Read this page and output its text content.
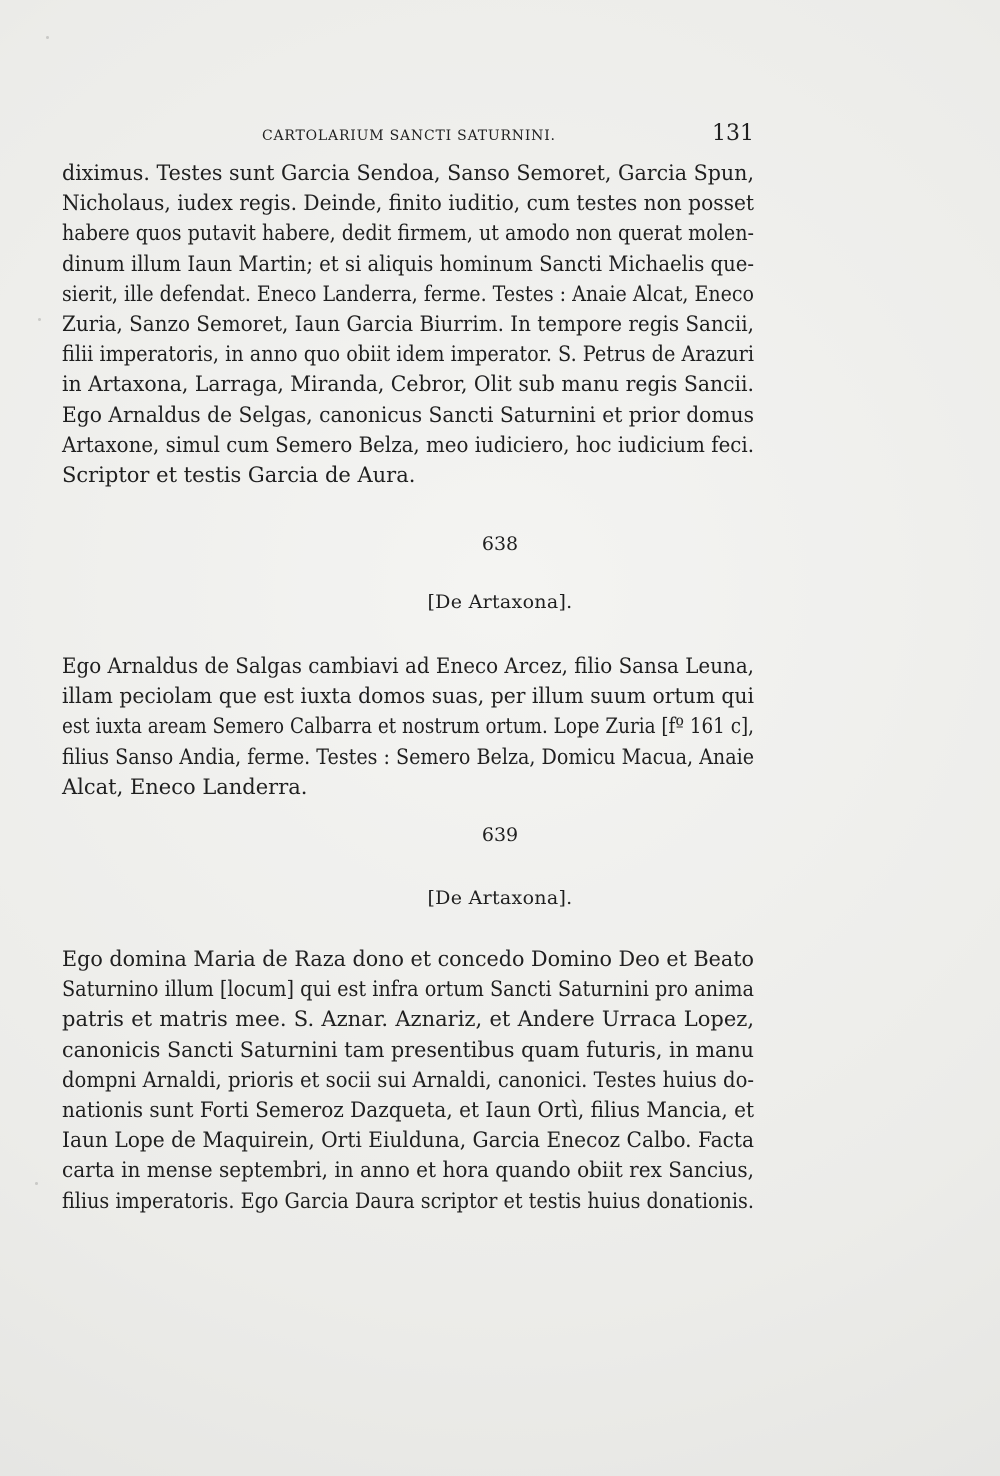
CARTOLARIUM SANCTI SATURNINI.	131
diximus. Testes sunt Garcia Sendoa, Sanso Semoret, Garcia Spun,
Nicholaus, iudex regis. Deinde, finito iuditio, cum testes non posset
habere quos putavit habere, dedit firmem, ut amodo non querat molen-
dinum illum Iaun Martin; et si aliquis hominum Sancti Michaelis que-
sierit, ille defendat. Eneco Landerra, ferme. Testes : Anaie Alcat, Eneco
Zuria, Sanzo Semoret, Iaun Garcia Biurrim. In tempore regis Sancii,
filii imperatoris, in anno quo obiit idem imperator. S. Petrus de Arazuri
in Artaxona, Larraga, Miranda, Cebror, Olit sub manu regis Sancii.
Ego Arnaldus de Selgas, canonicus Sancti Saturnini et prior domus
Artaxone, simul cum Semero Belza, meo iudiciero, hoc iudicium feci.
Scriptor et testis Garcia de Aura.
638
[De Artaxona].
Ego Arnaldus de Salgas cambiavi ad Eneco Arcez, filio Sansa Leuna,
illam peciolam que est iuxta domos suas, per illum suum ortum qui
est iuxta aream Semero Calbarra et nostrum ortum. Lope Zuria [fº 161 c],
filius Sanso Andia, ferme. Testes : Semero Belza, Domicu Macua, Anaie
Alcat, Eneco Landerra.
639
[De Artaxona].
Ego domina Maria de Raza dono et concedo Domino Deo et Beato
Saturnino illum [locum] qui est infra ortum Sancti Saturnini pro anima
patris et matris mee. S. Aznar. Aznariz, et Andere Urraca Lopez,
canonicis Sancti Saturnini tam presentibus quam futuris, in manu
dompni Arnaldi, prioris et socii sui Arnaldi, canonici. Testes huius do-
nationis sunt Forti Semeroz Dazqueta, et Iaun Ortì, filius Mancia, et
Iaun Lope de Maquirein, Orti Eiulduna, Garcia Enecoz Calbo. Facta
carta in mense septembri, in anno et hora quando obiit rex Sancius,
filius imperatoris. Ego Garcia Daura scriptor et testis huius donationis.
